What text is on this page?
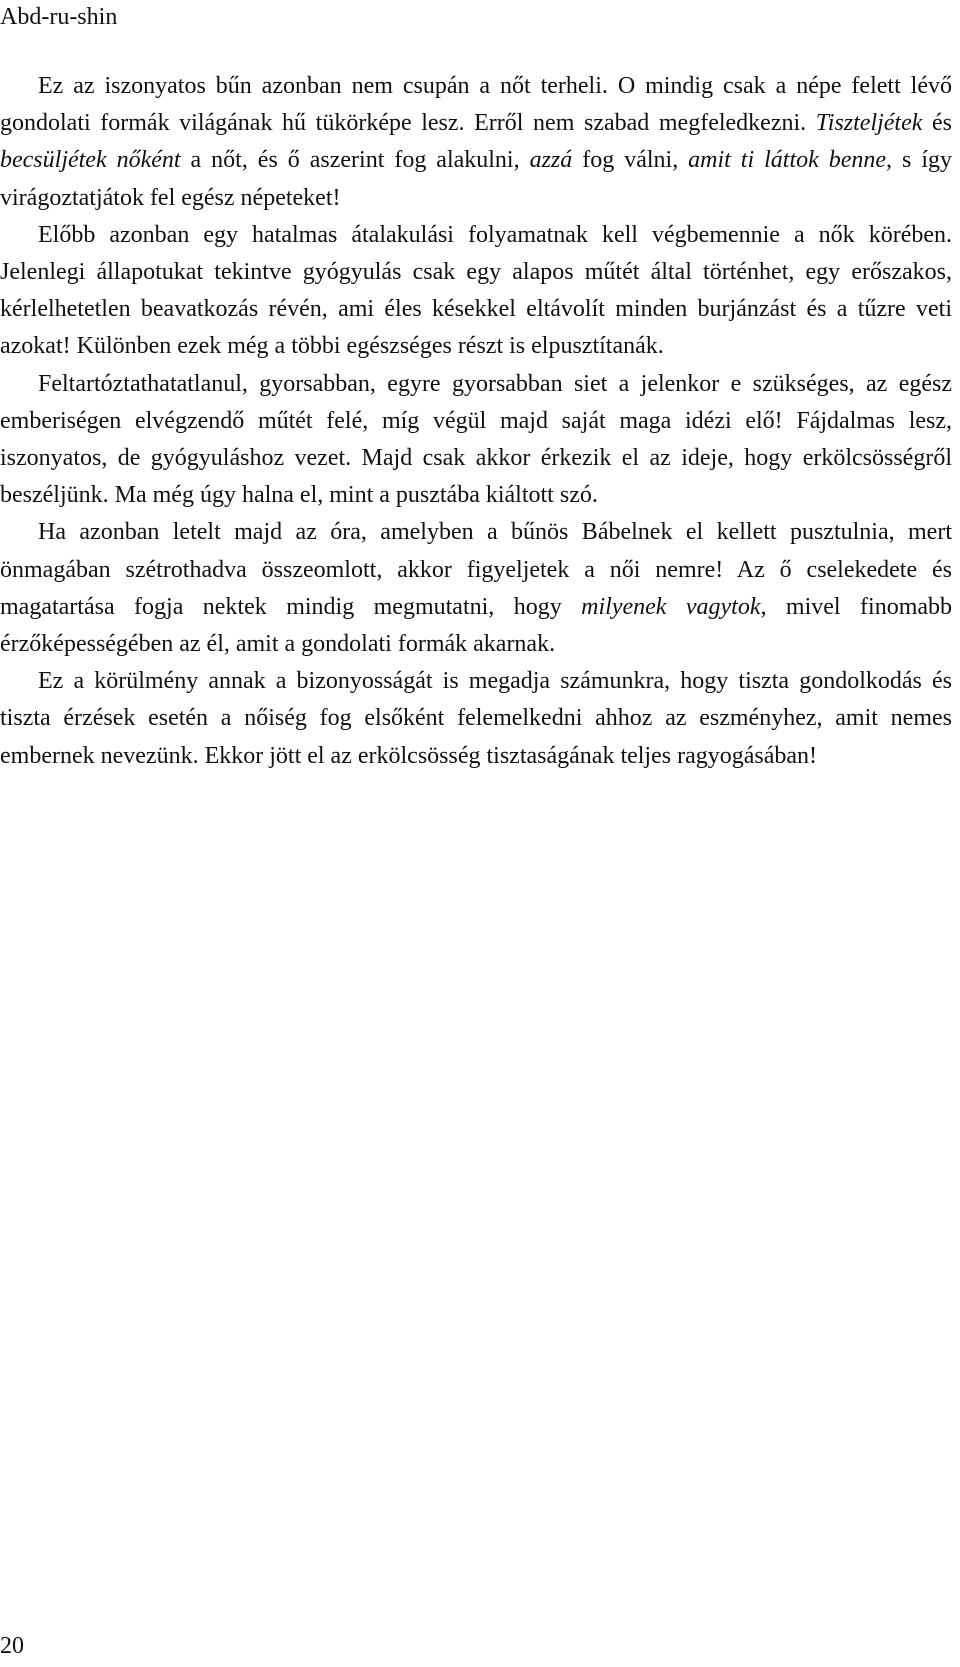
Abd-ru-shin

Ez az iszonyatos bűn azonban nem csupán a nőt terheli. O mindig csak a népe felett lévő gondolati formák világának hű tükörképe lesz. Erről nem szabad megfeledkezni. Tiszteljétek és becsüljétek nőként a nőt, és ő aszerint fog alakulni, azzá fog válni, amit ti láttok benne, s így virágoztatjátok fel egész népeteket!

Előbb azonban egy hatalmas átalakulási folyamatnak kell végbemennie a nők körében. Jelenlegi állapotukat tekintve gyógyulás csak egy alapos műtét által történhet, egy erőszakos, kérlelhetetlen beavatkozás révén, ami éles késekkel eltávolít minden burjánzást és a tűzre veti azokat! Különben ezek még a többi egészséges részt is elpusztítanák.

Feltartóztathatatlanul, gyorsabban, egyre gyorsabban siet a jelenkor e szükséges, az egész emberiségen elvégzendő műtét felé, míg végül majd saját maga idézi elő! Fájdalmas lesz, iszonyatos, de gyógyuláshoz vezet. Majd csak akkor érkezik el az ideje, hogy erkölcsösségről beszéljünk. Ma még úgy halna el, mint a pusztába kiáltott szó.

Ha azonban letelt majd az óra, amelyben a bűnös Bábelnek el kellett pusztulnia, mert önmagában szétrothadva összeomlott, akkor figyeljetek a női nemre! Az ő cselekedete és magatartása fogja nektek mindig megmutatni, hogy milyenek vagytok, mivel finomabb érzőképességében az él, amit a gondolati formák akarnak.

Ez a körülmény annak a bizonyosságát is megadja számunkra, hogy tiszta gondolkodás és tiszta érzések esetén a nőiség fog elsőként felemelkedni ahhoz az eszményhez, amit nemes embernek nevezünk. Ekkor jött el az erkölcsösség tisztaságának teljes ragyogásában!

20
